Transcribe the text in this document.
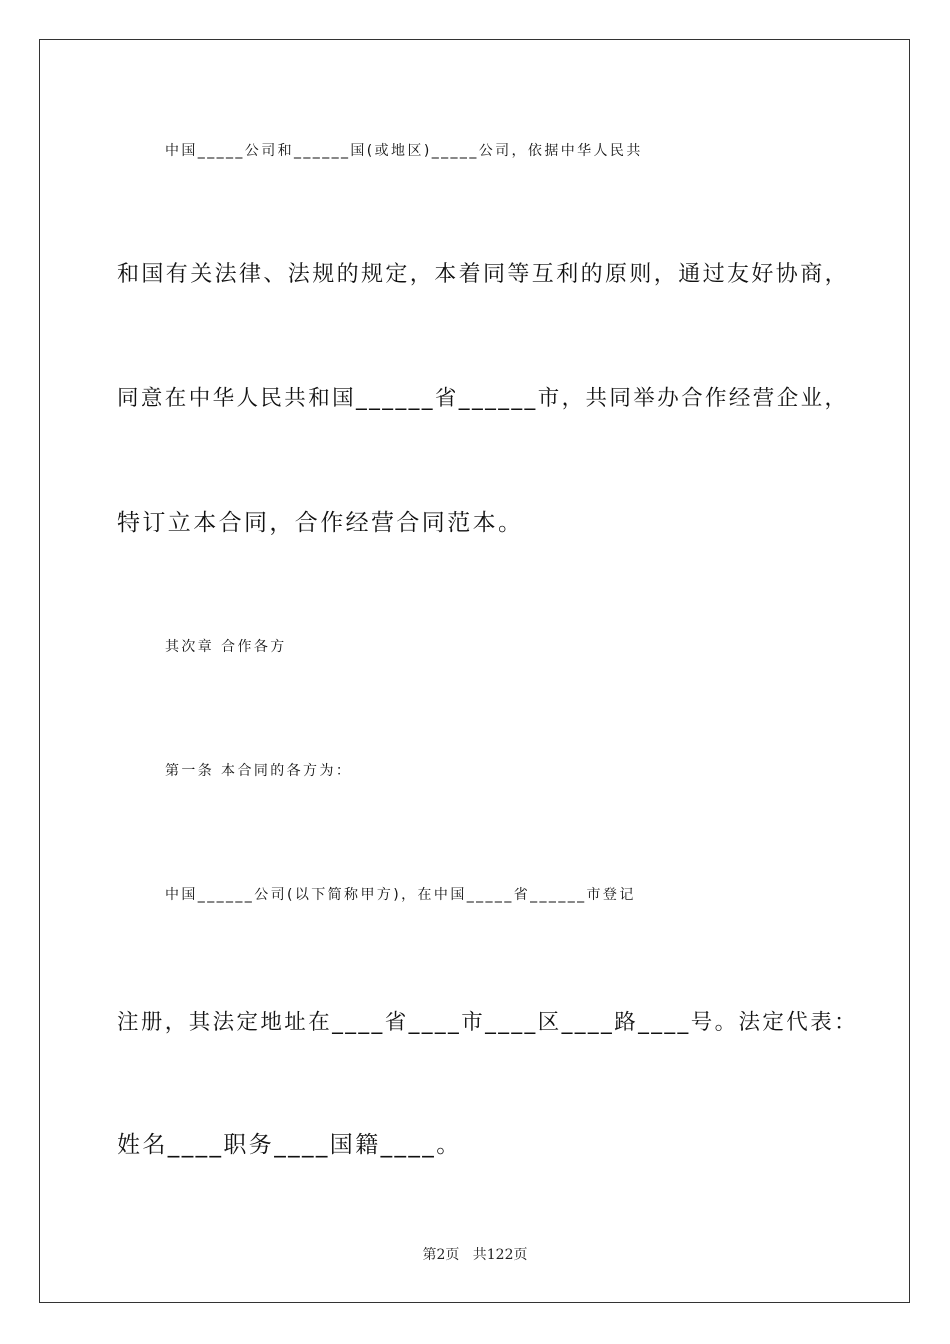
中国_____公司和______国(或地区)_____公司，依据中华人民共
和国有关法律、法规的规定，本着同等互利的原则，通过友好协商，
同意在中华人民共和国______省______市，共同举办合作经营企业，
特订立本合同，合作经营合同范本。
其次章 合作各方
第一条 本合同的各方为：
中国______公司(以下简称甲方)，在中国_____省______市登记
注册，其法定地址在____省____市____区____路____号。法定代表：
姓名____职务____国籍____。
第2页 共122页
